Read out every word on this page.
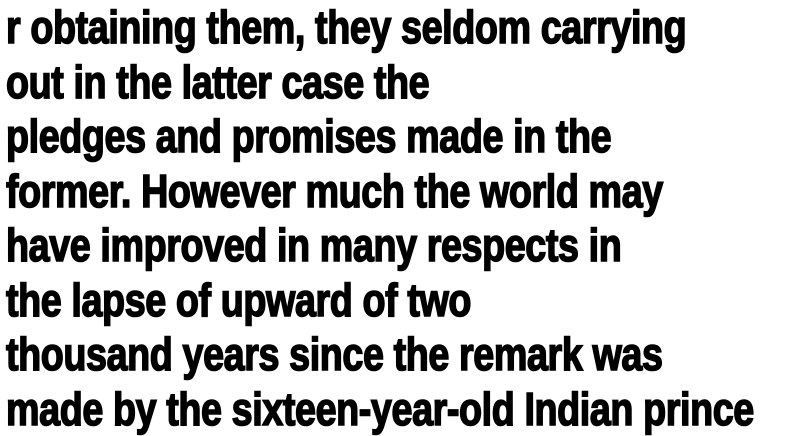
r obtaining them, they seldom carrying
out in the latter case the
pledges and promises made in the
former. However much the world may
have improved in many respects in
the lapse of upward of two
thousand years since the remark was
made by the sixteen-year-old Indian prince
